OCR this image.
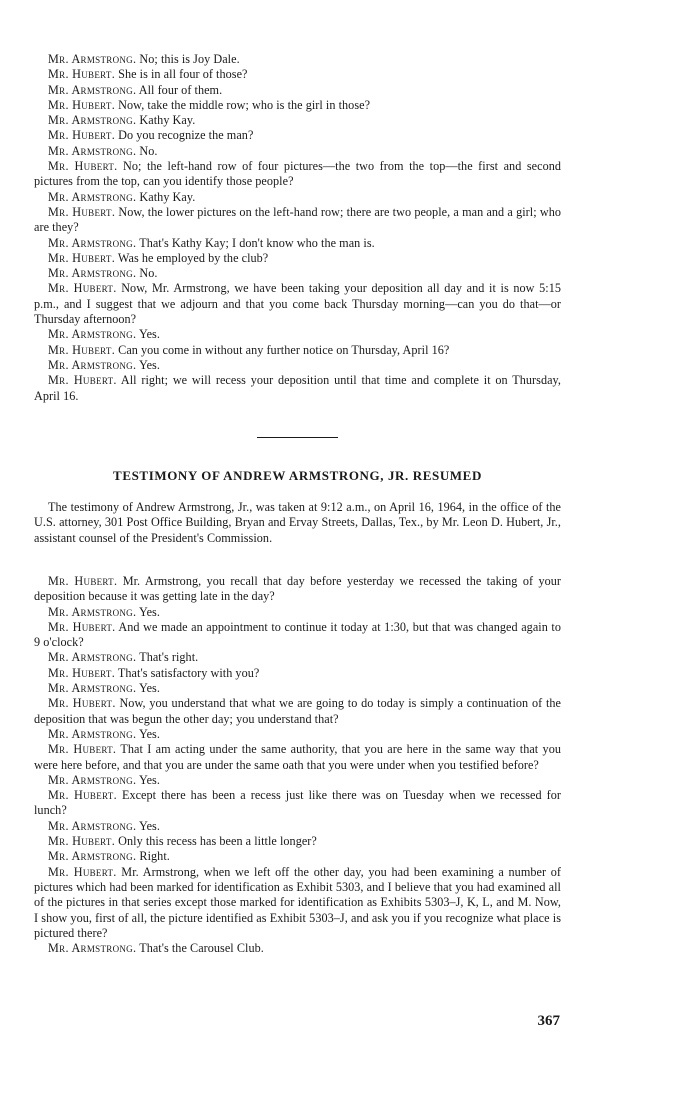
Mr. Armstrong. No; this is Joy Dale.

Mr. Hubert. She is in all four of those?

Mr. Armstrong. All four of them.

Mr. Hubert. Now, take the middle row; who is the girl in those?

Mr. Armstrong. Kathy Kay.

Mr. Hubert. Do you recognize the man?

Mr. Armstrong. No.

Mr. Hubert. No; the left-hand row of four pictures—the two from the top—the first and second pictures from the top, can you identify those people?

Mr. Armstrong. Kathy Kay.

Mr. Hubert. Now, the lower pictures on the left-hand row; there are two people, a man and a girl; who are they?

Mr. Armstrong. That's Kathy Kay; I don't know who the man is.

Mr. Hubert. Was he employed by the club?

Mr. Armstrong. No.

Mr. Hubert. Now, Mr. Armstrong, we have been taking your deposition all day and it is now 5:15 p.m., and I suggest that we adjourn and that you come back Thursday morning—can you do that—or Thursday afternoon?

Mr. Armstrong. Yes.

Mr. Hubert. Can you come in without any further notice on Thursday, April 16?

Mr. Armstrong. Yes.

Mr. Hubert. All right; we will recess your deposition until that time and complete it on Thursday, April 16.

TESTIMONY OF ANDREW ARMSTRONG, JR. RESUMED

The testimony of Andrew Armstrong, Jr., was taken at 9:12 a.m., on April 16, 1964, in the office of the U.S. attorney, 301 Post Office Building, Bryan and Ervay Streets, Dallas, Tex., by Mr. Leon D. Hubert, Jr., assistant counsel of the President's Commission.

Mr. Hubert. Mr. Armstrong, you recall that day before yesterday we recessed the taking of your deposition because it was getting late in the day?

Mr. Armstrong. Yes.

Mr. Hubert. And we made an appointment to continue it today at 1:30, but that was changed again to 9 o'clock?

Mr. Armstrong. That's right.

Mr. Hubert. That's satisfactory with you?

Mr. Armstrong. Yes.

Mr. Hubert. Now, you understand that what we are going to do today is simply a continuation of the deposition that was begun the other day; you understand that?

Mr. Armstrong. Yes.

Mr. Hubert. That I am acting under the same authority, that you are here in the same way that you were here before, and that you are under the same oath that you were under when you testified before?

Mr. Armstrong. Yes.

Mr. Hubert. Except there has been a recess just like there was on Tuesday when we recessed for lunch?

Mr. Armstrong. Yes.

Mr. Hubert. Only this recess has been a little longer?

Mr. Armstrong. Right.

Mr. Hubert. Mr. Armstrong, when we left off the other day, you had been examining a number of pictures which had been marked for identification as Exhibit 5303, and I believe that you had examined all of the pictures in that series except those marked for identification as Exhibits 5303–J, K, L, and M. Now, I show you, first of all, the picture identified as Exhibit 5303–J, and ask you if you recognize what place is pictured there?

Mr. Armstrong. That's the Carousel Club.

367
